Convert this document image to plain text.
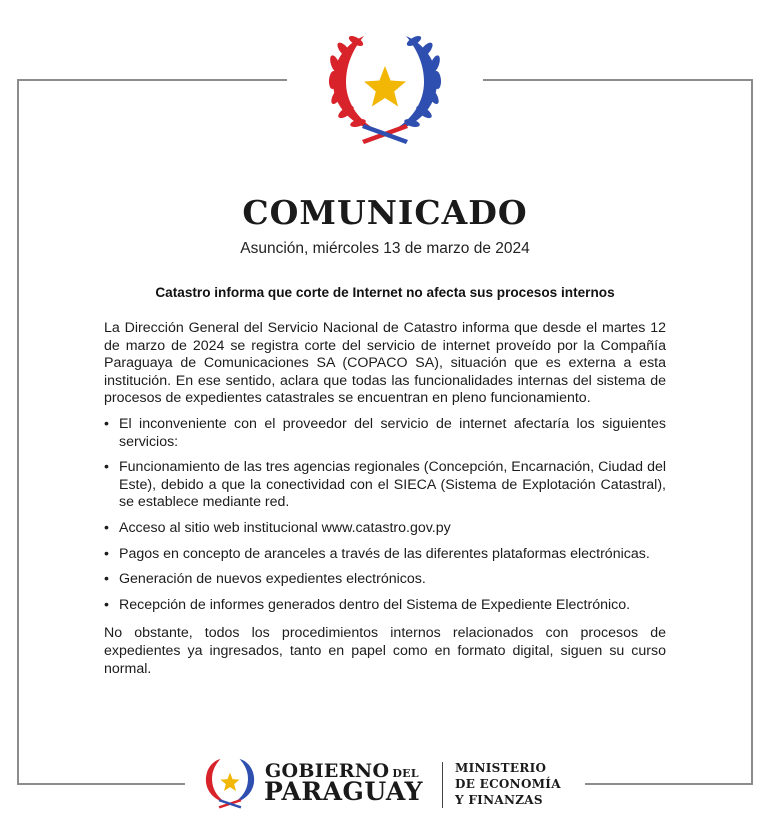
COMUNICADO
Asunción, miércoles 13 de marzo de 2024
Catastro informa que corte de Internet no afecta sus procesos internos

La Dirección General del Servicio Nacional de Catastro informa que desde el martes 12 de marzo de 2024 se registra corte del servicio de internet proveído por la Compañía Paraguaya de Comunicaciones SA (COPACO SA), situación que es externa a esta institución. En ese sentido, aclara que todas las funcionalidades internas del sistema de procesos de expedientes catastrales se encuentran en pleno funcionamiento.

• El inconveniente con el proveedor del servicio de internet afectaría los siguientes servicios:
• Funcionamiento de las tres agencias regionales (Concepción, Encarnación, Ciudad del Este), debido a que la conectividad con el SIECA (Sistema de Explotación Catastral), se establece mediante red.
• Acceso al sitio web institucional www.catastro.gov.py
• Pagos en concepto de aranceles a través de las diferentes plataformas electrónicas.
• Generación de nuevos expedientes electrónicos.
• Recepción de informes generados dentro del Sistema de Expediente Electrónico.

No obstante, todos los procedimientos internos relacionados con procesos de expedientes ya ingresados, tanto en papel como en formato digital, siguen su curso normal.

GOBIERNO DEL
PARAGUAY
MINISTERIO
DE ECONOMÍA
Y FINANZAS
